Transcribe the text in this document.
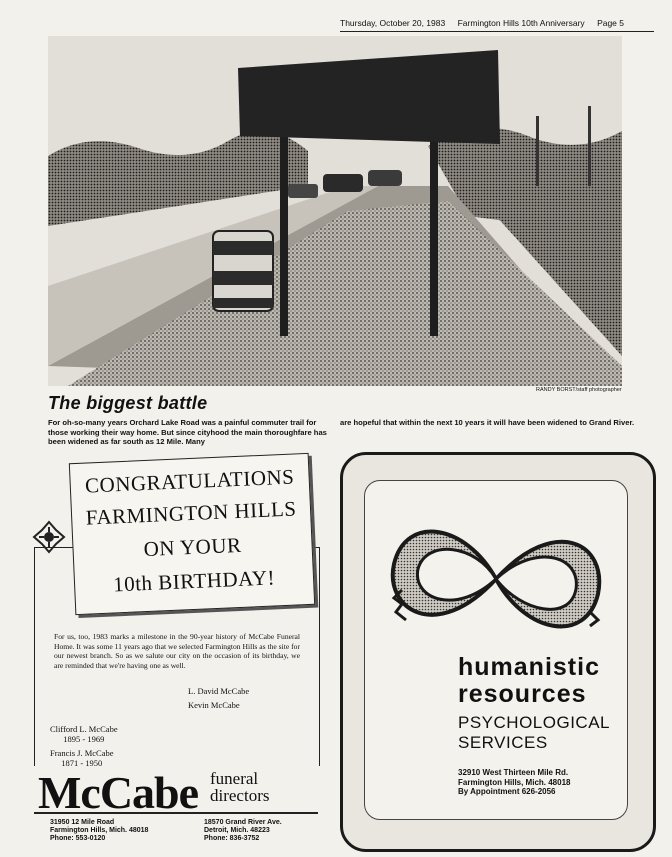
Thursday, October 20, 1983 Farmington Hills 10th Anniversary Page 5
RANDY BORST/staff photographer
The biggest battle
For oh-so-many years Orchard Lake Road was a painful commuter trail for those working their way home. But since cityhood the main thoroughfare has been widened as far south as 12 Mile. Many
are hopeful that within the next 10 years it will have been widened to Grand River.
CONGRATULATIONS
FARMINGTON HILLS
ON YOUR
10th BIRTHDAY!
For us, too, 1983 marks a milestone in the 90-year history of McCabe Funeral Home. It was some 11 years ago that we selected Farmington Hills as the site for our newest branch. So as we salute our city on the occasion of its birthday, we are reminded that we're having one as well.
L. David McCabe
Kevin McCabe
Clifford L. McCabe
1895 - 1969
Francis J. McCabe
1871 - 1950
McCabe funeral
directors
31950 12 Mile Road
Farmington Hills, Mich. 48018
Phone: 553-0120
18570 Grand River Ave.
Detroit, Mich. 48223
Phone: 836-3752
humanistic
resources
PSYCHOLOGICAL
SERVICES
32910 West Thirteen Mile Rd.
Farmington Hills, Mich. 48018
By Appointment 626-2056
